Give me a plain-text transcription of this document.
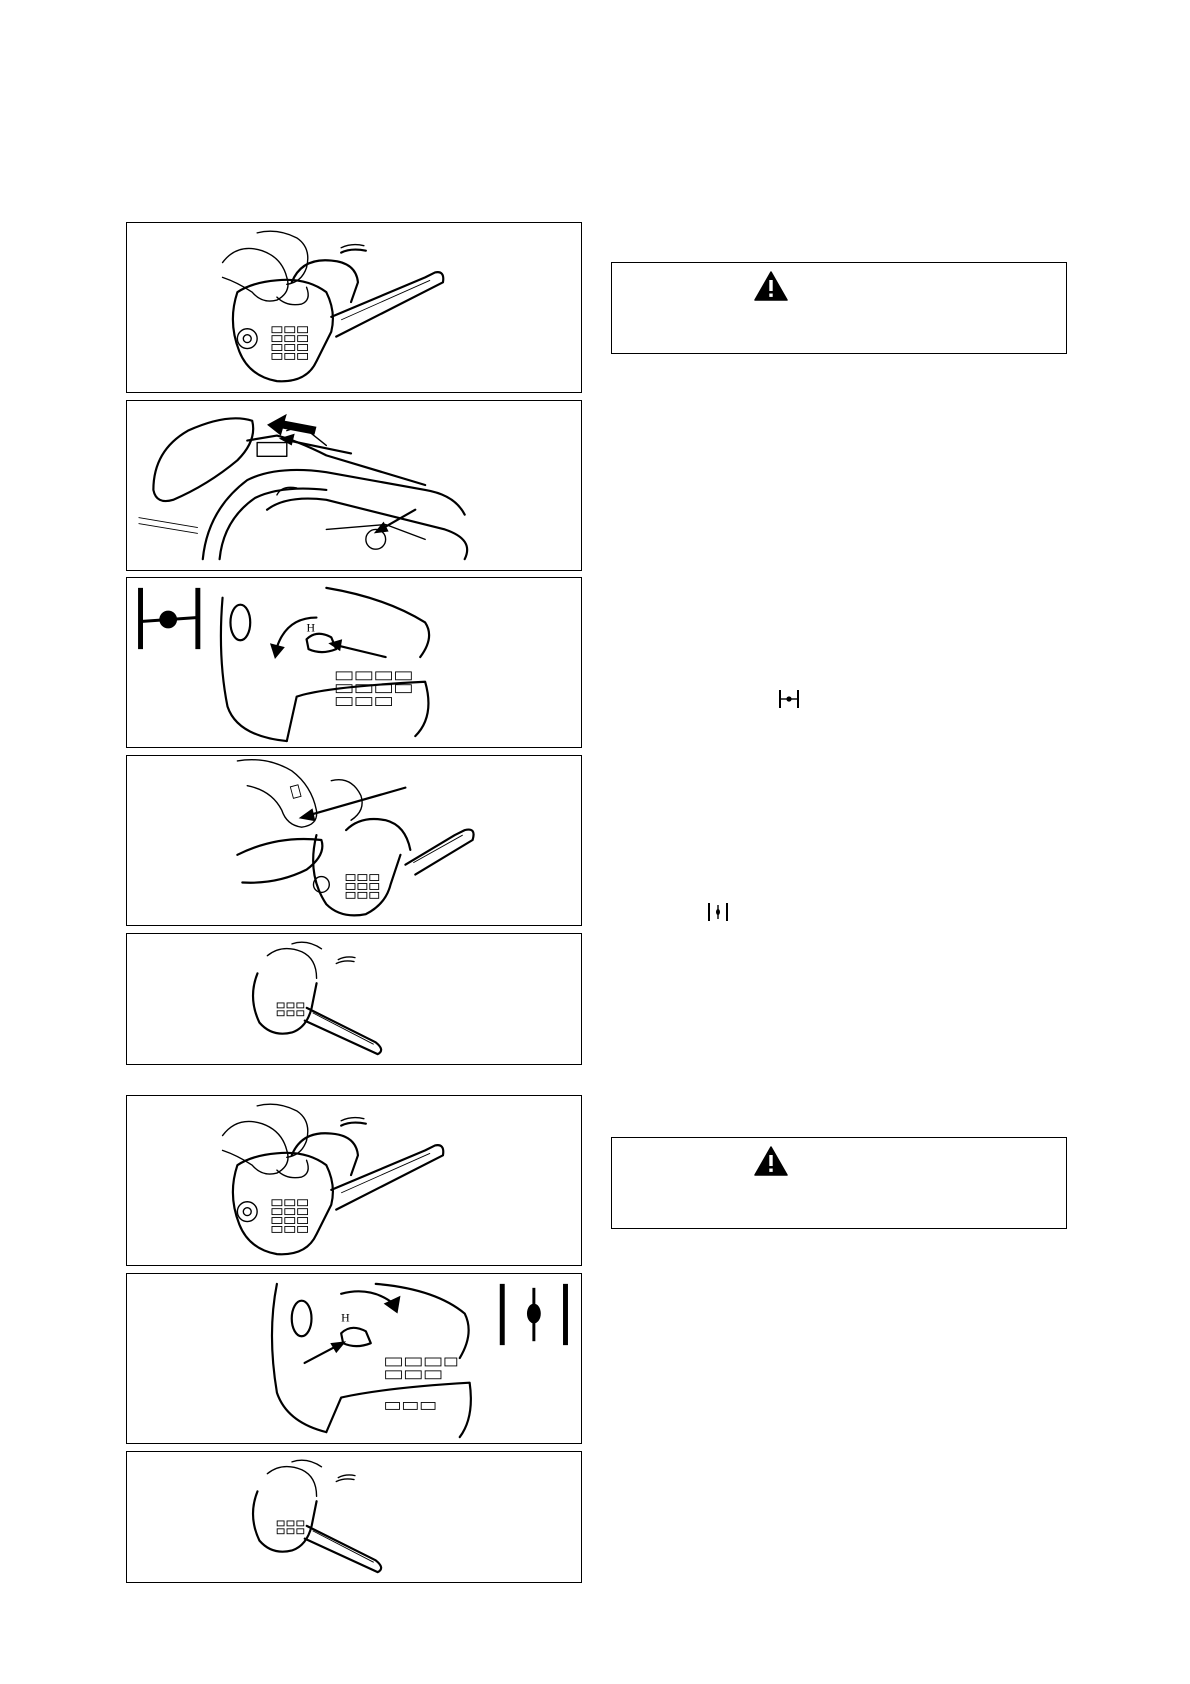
H
H
